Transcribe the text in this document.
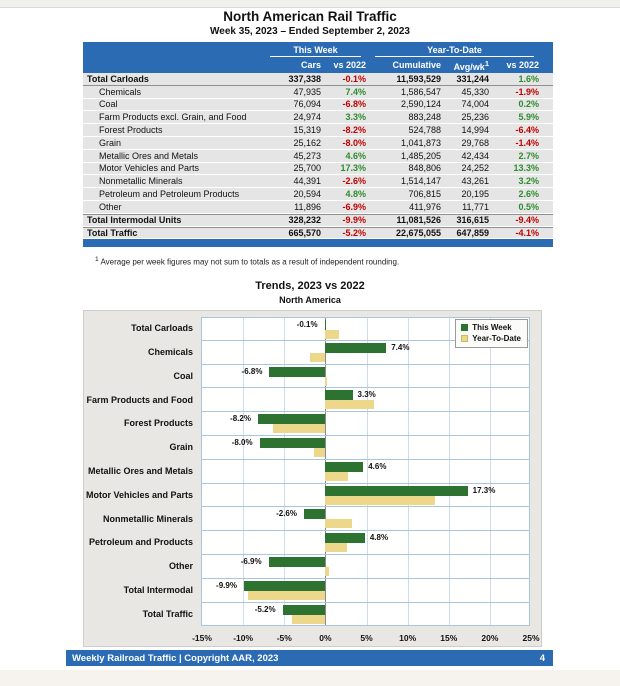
North American Rail Traffic
Week 35, 2023 – Ended September 2, 2023
This Week	Year-To-Date
Cars	vs 2022	Cumulative	Avg/$wk^1$	vs 2022
Total Carloads	337,338	-0.1%	11,593,529	331,244	1.6%
Chemicals	47,935	7.4%	1,586,547	45,330	-1.9%
Coal	76,094	-6.8%	2,590,124	74,004	0.2%
Farm Products excl. Grain, and Food	24,974	3.3%	883,248	25,236	5.9%
Forest Products	15,319	-8.2%	524,788	14,994	-6.4%
Grain	25,162	-8.0%	1,041,873	29,768	-1.4%
Metallic Ores and Metals	45,273	4.6%	1,485,205	42,434	2.7%
Motor Vehicles and Parts	25,700	17.3%	848,806	24,252	13.3%
Nonmetallic Minerals	44,391	-2.6%	1,514,147	43,261	3.2%
Petroleum and Petroleum Products	20,594	4.8%	706,815	20,195	2.6%
Other	11,896	-6.9%	411,976	11,771	0.5%
Total Intermodal Units	328,232	-9.9%	11,081,526	316,615	-9.4%
Total Traffic	665,570	-5.2%	22,675,055	647,859	-4.1%
$^1$ Average per week figures may not sum to totals as a result of independent rounding.
Trends, 2023 vs 2022
North America
Total Carloads	-0.1%
Chemicals	7.4%
Coal	-6.8%
Farm Products and Food	3.3%
Forest Products	-8.2%
Grain	-8.0%
Metallic Ores and Metals	4.6%
Motor Vehicles and Parts	17.3%
Nonmetallic Minerals	-2.6%
Petroleum and Products	4.8%
Other	-6.9%
Total Intermodal	-9.9%
Total Traffic	-5.2%
-15%	-10%	-5%	0%	5%	10%	15%	20%	25%
This Week
Year-To-Date
Weekly Railroad Traffic | Copyright AAR, 2023	4
